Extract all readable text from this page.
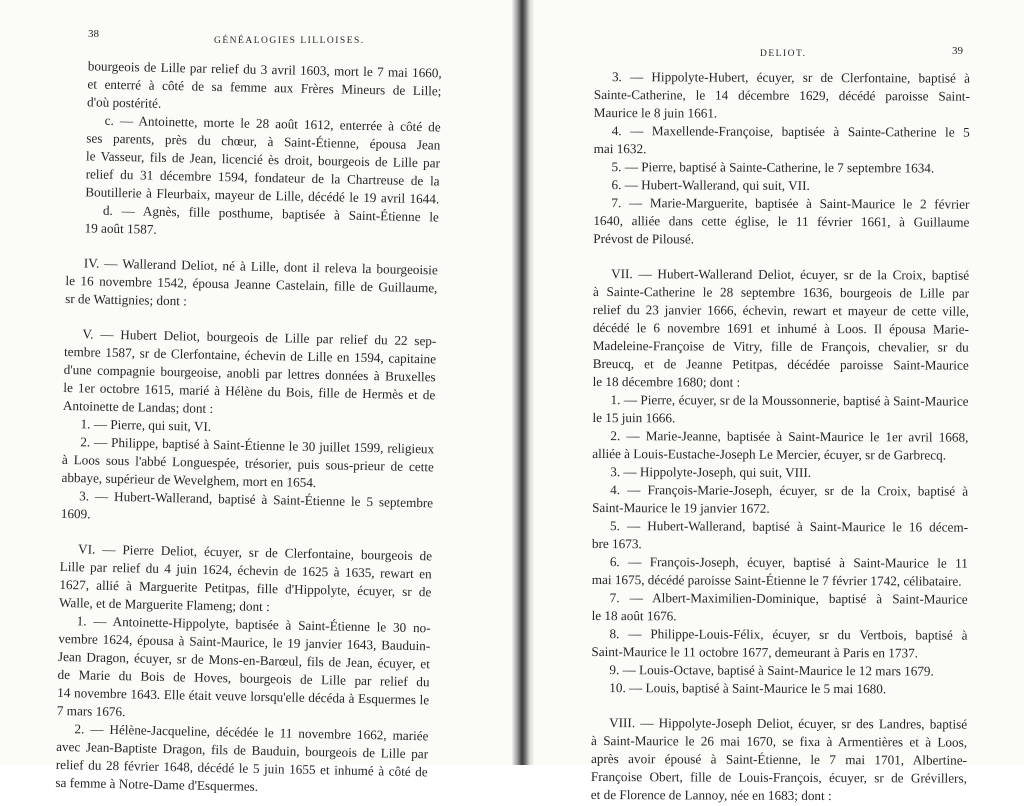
38
GÉNÉALOGIES LILLOISES.
DELIOT.	39
bourgeois de Lille par relief du 3 avril 1603, mort le 7 mai 1660,
et enterré à côté de sa femme aux Frères Mineurs de Lille;
d'où postérité.
c. — Antoinette, morte le 28 août 1612, enterrée à côté de
ses parents, près du chœur, à Saint-Étienne, épousa Jean
le Vasseur, fils de Jean, licencié ès droit, bourgeois de Lille par
relief du 31 décembre 1594, fondateur de la Chartreuse de la
Boutillerie à Fleurbaix, mayeur de Lille, décédé le 19 avril 1644.
d. — Agnès, fille posthume, baptisée à Saint-Étienne le
19 août 1587.
IV. — Wallerand Deliot, né à Lille, dont il releva la bourgeoisie
le 16 novembre 1542, épousa Jeanne Castelain, fille de Guillaume,
sr de Wattignies; dont :
V. — Hubert Deliot, bourgeois de Lille par relief du 22 sep-
tembre 1587, sr de Clerfontaine, échevin de Lille en 1594, capitaine
d'une compagnie bourgeoise, anobli par lettres données à Bruxelles
le 1er octobre 1615, marié à Hélène du Bois, fille de Hermès et de
Antoinette de Landas; dont :
1. — Pierre, qui suit, VI.
2. — Philippe, baptisé à Saint-Étienne le 30 juillet 1599, religieux
à Loos sous l'abbé Longuespée, trésorier, puis sous-prieur de cette
abbaye, supérieur de Wevelghem, mort en 1654.
3. — Hubert-Wallerand, baptisé à Saint-Étienne le 5 septembre
1609.
VI. — Pierre Deliot, écuyer, sr de Clerfontaine, bourgeois de
Lille par relief du 4 juin 1624, échevin de 1625 à 1635, rewart en
1627, allié à Marguerite Petitpas, fille d'Hippolyte, écuyer, sr de
Walle, et de Marguerite Flameng; dont :
1. — Antoinette-Hippolyte, baptisée à Saint-Étienne le 30 no-
vembre 1624, épousa à Saint-Maurice, le 19 janvier 1643, Bauduin-
Jean Dragon, écuyer, sr de Mons-en-Barœul, fils de Jean, écuyer, et
de Marie du Bois de Hoves, bourgeois de Lille par relief du
14 novembre 1643. Elle était veuve lorsqu'elle décéda à Esquermes le
7 mars 1676.
2. — Hélène-Jacqueline, décédée le 11 novembre 1662, mariée
avec Jean-Baptiste Dragon, fils de Bauduin, bourgeois de Lille par
relief du 28 février 1648, décédé le 5 juin 1655 et inhumé à côté de
sa femme à Notre-Dame d'Esquermes.
3. — Hippolyte-Hubert, écuyer, sr de Clerfontaine, baptisé à
Sainte-Catherine, le 14 décembre 1629, décédé paroisse Saint-
Maurice le 8 juin 1661.
4. — Maxellende-Françoise, baptisée à Sainte-Catherine le 5
mai 1632.
5. — Pierre, baptisé à Sainte-Catherine, le 7 septembre 1634.
6. — Hubert-Wallerand, qui suit, VII.
7. — Marie-Marguerite, baptisée à Saint-Maurice le 2 février
1640, alliée dans cette église, le 11 février 1661, à Guillaume
Prévost de Pilousé.
VII. — Hubert-Wallerand Deliot, écuyer, sr de la Croix, baptisé
à Sainte-Catherine le 28 septembre 1636, bourgeois de Lille par
relief du 23 janvier 1666, échevin, rewart et mayeur de cette ville,
décédé le 6 novembre 1691 et inhumé à Loos. Il épousa Marie-
Madeleine-Françoise de Vitry, fille de François, chevalier, sr du
Breucq, et de Jeanne Petitpas, décédée paroisse Saint-Maurice
le 18 décembre 1680; dont :
1. — Pierre, écuyer, sr de la Moussonnerie, baptisé à Saint-Maurice
le 15 juin 1666.
2. — Marie-Jeanne, baptisée à Saint-Maurice le 1er avril 1668,
alliée à Louis-Eustache-Joseph Le Mercier, écuyer, sr de Garbrecq.
3. — Hippolyte-Joseph, qui suit, VIII.
4. — François-Marie-Joseph, écuyer, sr de la Croix, baptisé à
Saint-Maurice le 19 janvier 1672.
5. — Hubert-Wallerand, baptisé à Saint-Maurice le 16 décem-
bre 1673.
6. — François-Joseph, écuyer, baptisé à Saint-Maurice le 11
mai 1675, décédé paroisse Saint-Étienne le 7 février 1742, célibataire.
7. — Albert-Maximilien-Dominique, baptisé à Saint-Maurice
le 18 août 1676.
8. — Philippe-Louis-Félix, écuyer, sr du Vertbois, baptisé à
Saint-Maurice le 11 octobre 1677, demeurant à Paris en 1737.
9. — Louis-Octave, baptisé à Saint-Maurice le 12 mars 1679.
10. — Louis, baptisé à Saint-Maurice le 5 mai 1680.
VIII. — Hippolyte-Joseph Deliot, écuyer, sr des Landres, baptisé
à Saint-Maurice le 26 mai 1670, se fixa à Armentières et à Loos,
après avoir épousé à Saint-Étienne, le 7 mai 1701, Albertine-
Françoise Obert, fille de Louis-François, écuyer, sr de Grévillers,
et de Florence de Lannoy, née en 1683; dont :
